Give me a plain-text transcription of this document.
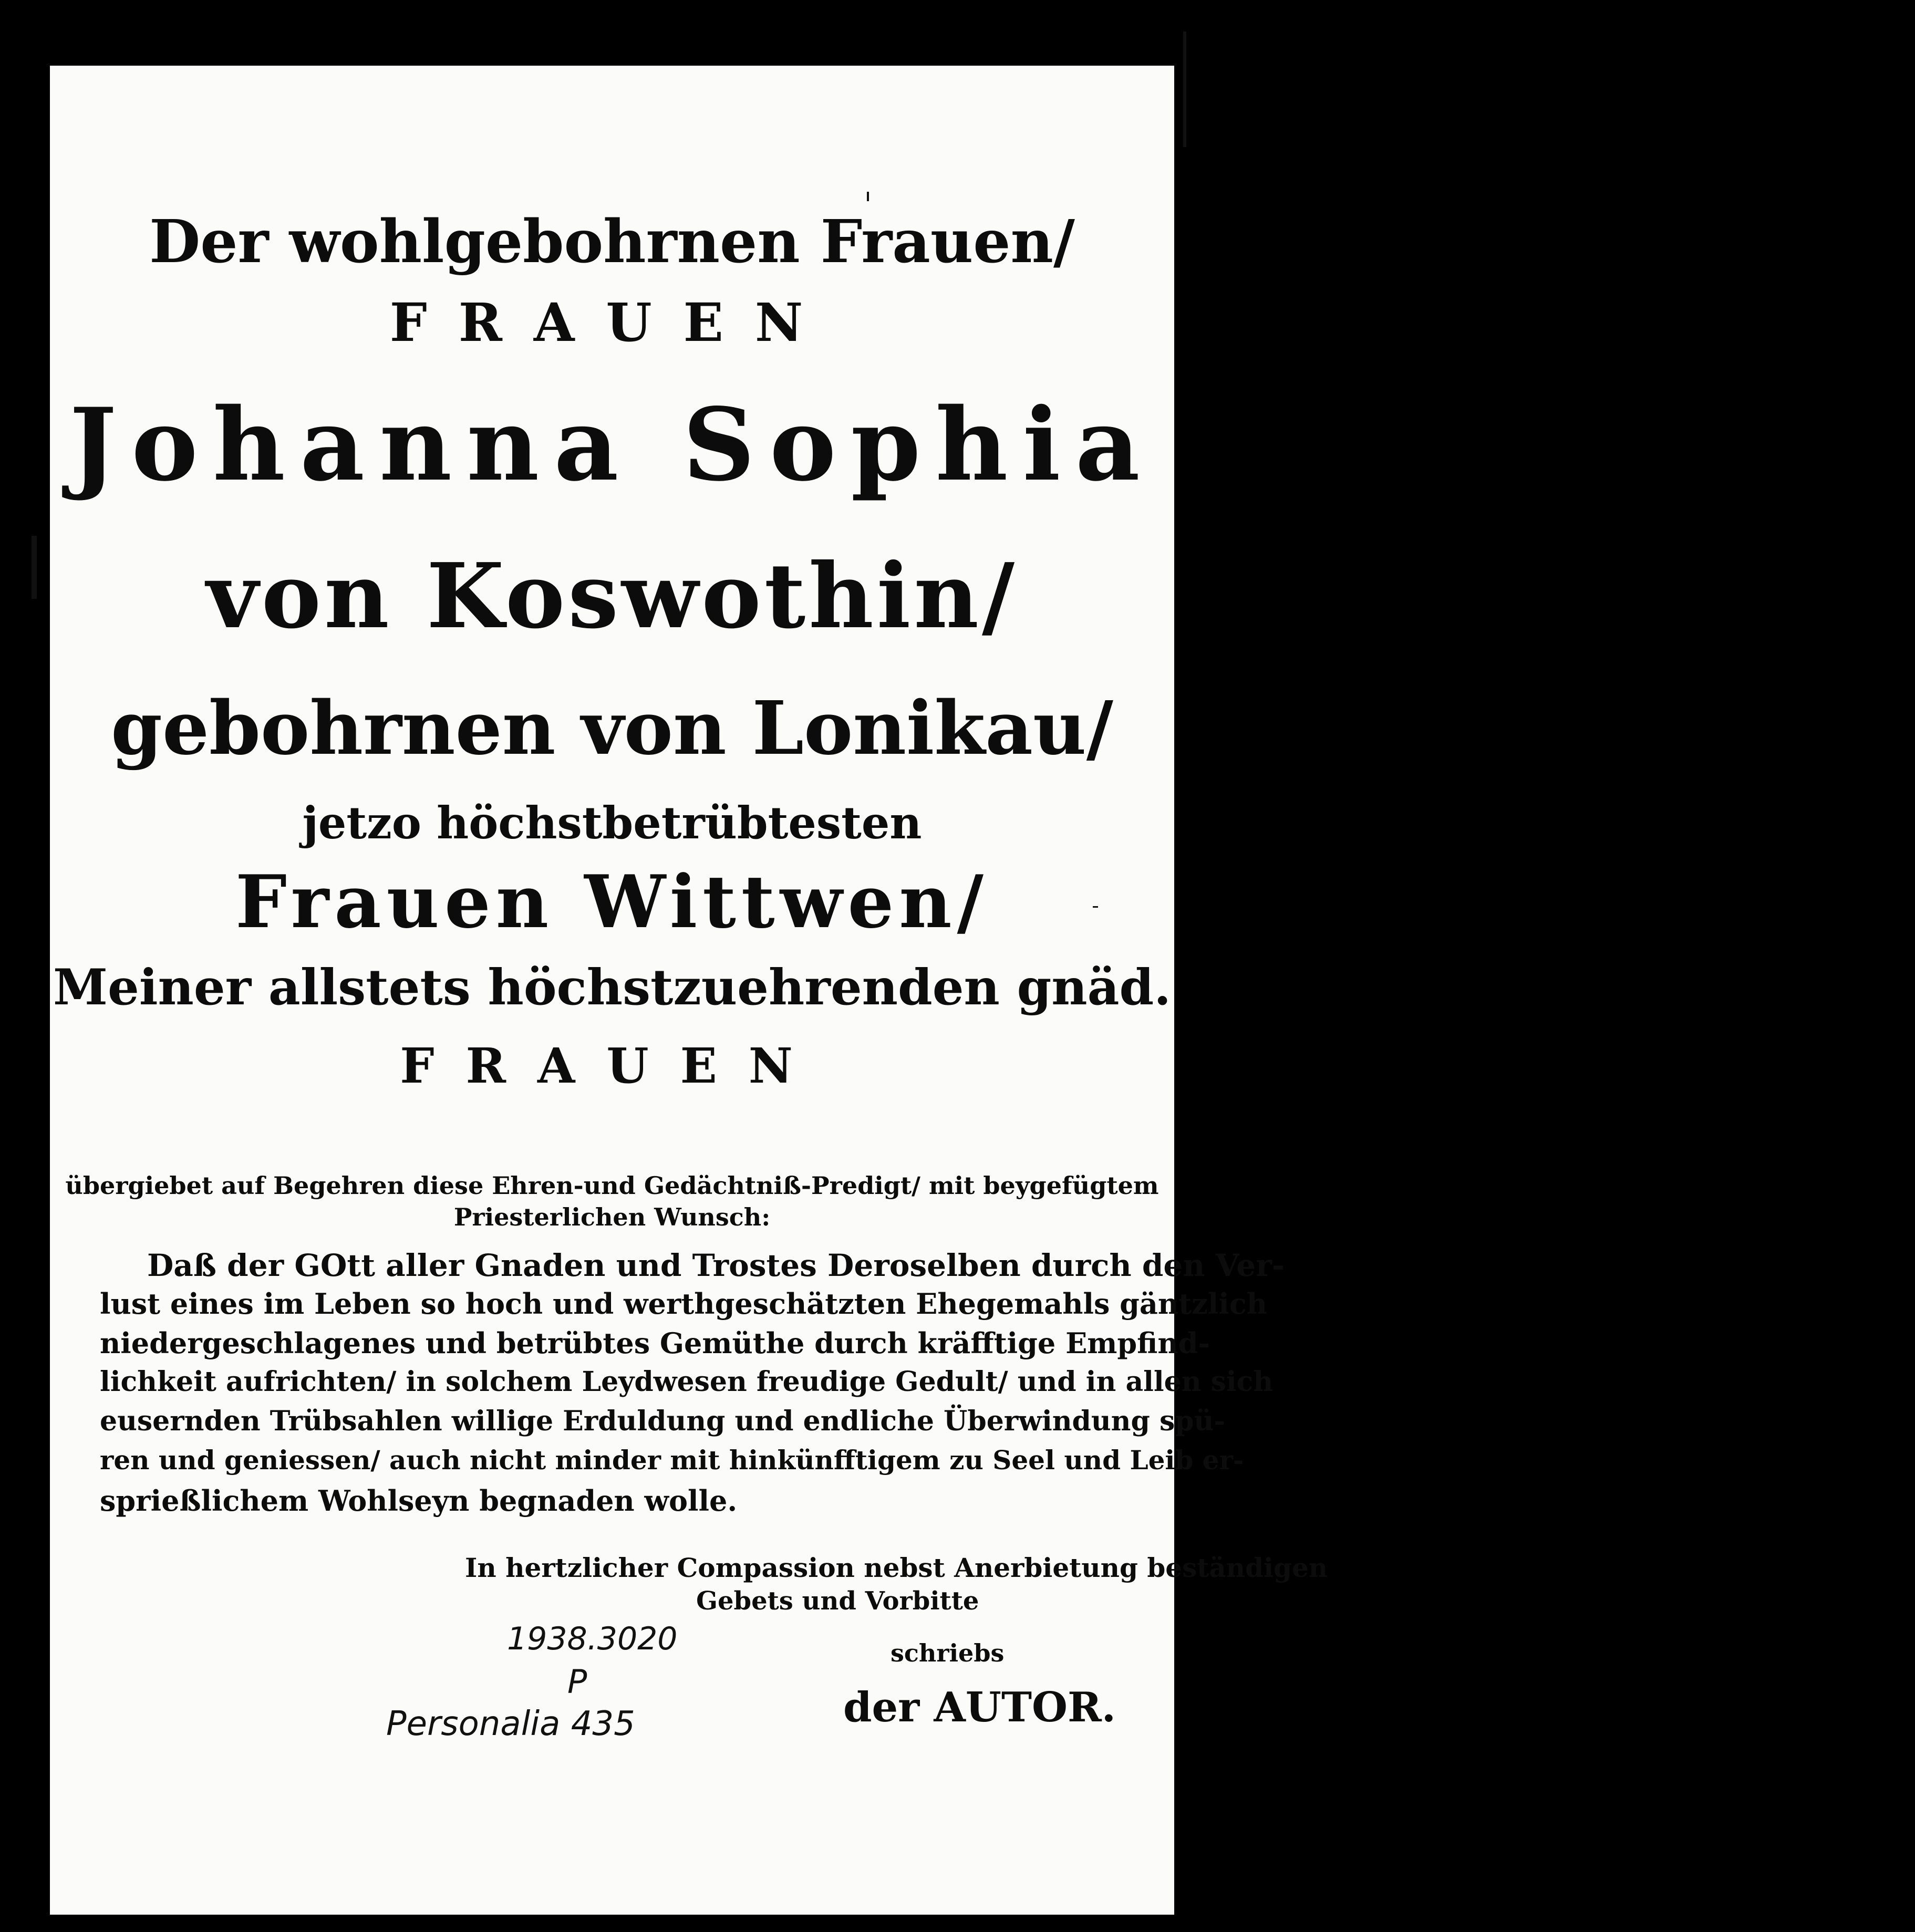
Der wohlgebohrnen Frauen/
FRAUEN
Johanna Sophia
von Koswothin/
gebohrnen von Lonikau/
jetzo höchstbetrübtesten
Frauen Wittwen/
Meiner allstets höchstzuehrenden gnäd.
FRAUEN
übergiebet auf Begehren diese Ehren-und Gedächtniß-Predigt/ mit beygefügtem
Priesterlichen Wunsch:
Daß der GOtt aller Gnaden und Trostes Deroselben durch den Ver-
lust eines im Leben so hoch und werthgeschätzten Ehegemahls gäntzlich
niedergeschlagenes und betrübtes Gemüthe durch kräfftige Empfind-
lichkeit aufrichten/ in solchem Leydwesen freudige Gedult/ und in allen sich
eusernden Trübsahlen willige Erduldung und endliche Überwindung spü-
ren und geniessen/ auch nicht minder mit hinkünfftigem zu Seel und Leib er-
sprießlichem Wohlseyn begnaden wolle.
In hertzlicher Compassion nebst Anerbietung beständigen
Gebets und Vorbitte
schriebs
der AUTOR.
1938.3020
P
Personalia 435
